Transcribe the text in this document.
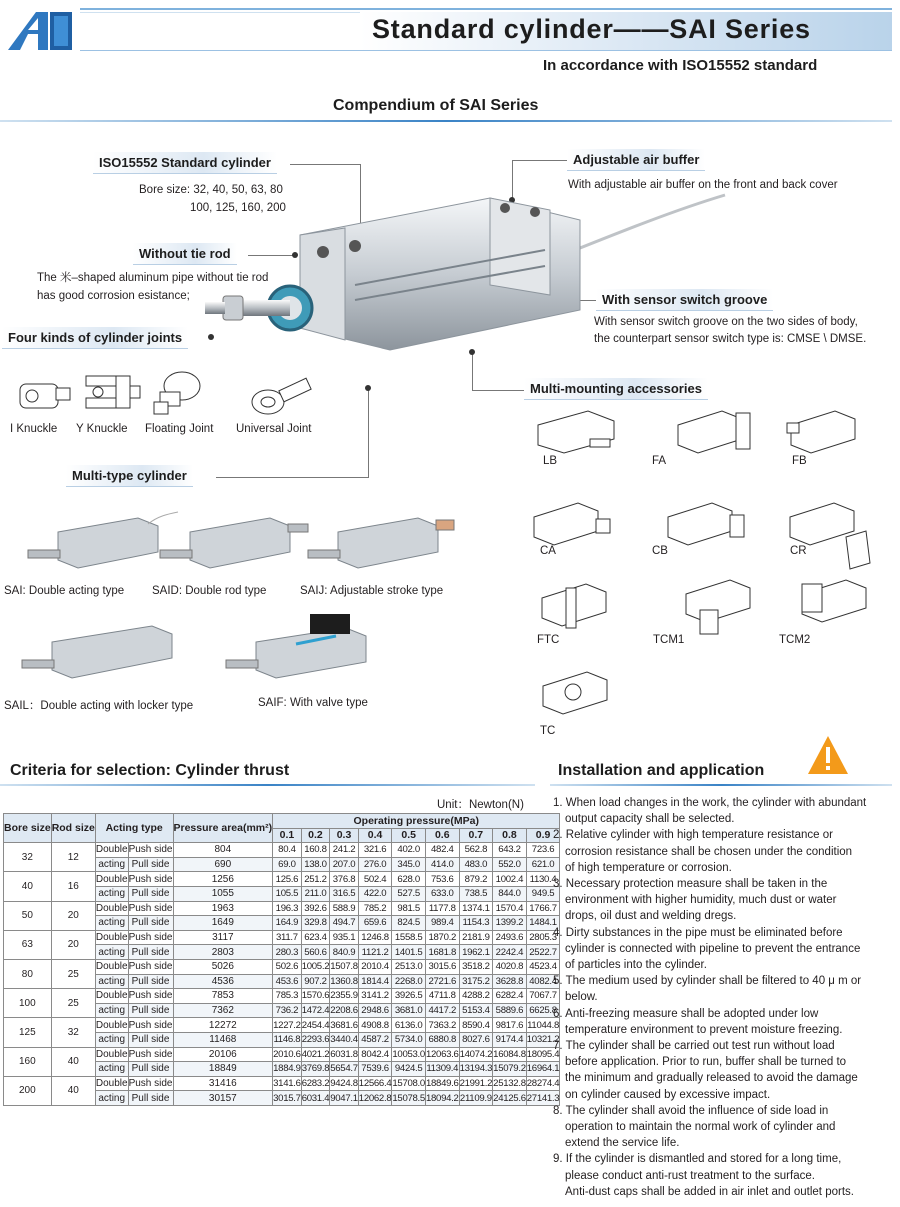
Standard cylinder——SAI Series
In accordance with ISO15552 standard
Compendium of SAI Series
ISO15552 Standard cylinder
Bore size: 32, 40, 50, 63, 80
100, 125, 160, 200
Without tie rod
The 米–shaped aluminum pipe without tie rod
has good corrosion esistance;
Four kinds of cylinder joints
Adjustable air buffer
With adjustable air buffer on the front and back cover
With sensor switch groove
With sensor switch groove on the two sides of body,
the counterpart sensor switch type is: CMSE \ DMSE.
Multi-mounting accessories
Multi-type cylinder
I Knuckle Y Knuckle Floating Joint Universal Joint
SAI: Double acting type SAID: Double rod type	SAIJ: Adjustable stroke type
SAIL：Double acting with locker type	SAIF: With valve type
LB	FA	FB
CA	CB	CR
FTC	TCM1	TCM2
TC
Criteria for selection: Cylinder thrust
Unit：Newton(N)
Bore size	Rod size	Acting type		Pressure area(mm²)	Operating pressure(MPa)								
					0.1	0.2	0.3	0.4	0.5	0.6	0.7	0.8	0.9
32	12	Double	Push side	804	80.4	160.8	241.2	321.6	402.0	482.4	562.8	643.2	723.6
		acting	Pull side	690	69.0	138.0	207.0	276.0	345.0	414.0	483.0	552.0	621.0
40	16	Double	Push side	1256	125.6	251.2	376.8	502.4	628.0	753.6	879.2	1002.4	1130.4
		acting	Pull side	1055	105.5	211.0	316.5	422.0	527.5	633.0	738.5	844.0	949.5
50	20	Double	Push side	1963	196.3	392.6	588.9	785.2	981.5	1177.8	1374.1	1570.4	1766.7
		acting	Pull side	1649	164.9	329.8	494.7	659.6	824.5	989.4	1154.3	1399.2	1484.1
63	20	Double	Push side	3117	311.7	623.4	935.1	1246.8	1558.5	1870.2	2181.9	2493.6	2805.3
		acting	Pull side	2803	280.3	560.6	840.9	1121.2	1401.5	1681.8	1962.1	2242.4	2522.7
80	25	Double	Push side	5026	502.6	1005.2	1507.8	2010.4	2513.0	3015.6	3518.2	4020.8	4523.4
		acting	Pull side	4536	453.6	907.2	1360.8	1814.4	2268.0	2721.6	3175.2	3628.8	4082.4
100	25	Double	Push side	7853	785.3	1570.6	2355.9	3141.2	3926.5	4711.8	4288.2	6282.4	7067.7
		acting	Pull side	7362	736.2	1472.4	2208.6	2948.6	3681.0	4417.2	5153.4	5889.6	6625.8
125	32	Double	Push side	12272	1227.2	2454.4	3681.6	4908.8	6136.0	7363.2	8590.4	9817.6	11044.8
		acting	Pull side	11468	1146.8	2293.6	3440.4	4587.2	5734.0	6880.8	8027.6	9174.4	10321.2
160	40	Double	Push side	20106	2010.6	4021.2	6031.8	8042.4	10053.0	12063.6	14074.2	16084.8	18095.4
		acting	Pull side	18849	1884.9	3769.8	5654.7	7539.6	9424.5	11309.4	13194.3	15079.2	16964.1
200	40	Double	Push side	31416	3141.6	6283.2	9424.8	12566.4	15708.0	18849.6	21991.2	25132.8	28274.4
		acting	Pull side	30157	3015.7	6031.4	9047.1	12062.8	15078.5	18094.2	21109.9	24125.6	27141.3
Installation and application
1. When load changes in the work, the cylinder with abundant
output capacity shall be selected.
2. Relative cylinder with high temperature resistance or
corrosion resistance shall be chosen under the condition
of high temperature or corrosion.
3. Necessary protection measure shall be taken in the
environment with higher humidity, much dust or water
drops, oil dust and welding dregs.
4. Dirty substances in the pipe must be eliminated before
cylinder is connected with pipeline to prevent the entrance
of particles into the cylinder.
5. The medium used by cylinder shall be filtered to 40 μ m or
below.
6. Anti-freezing measure shall be adopted under low
temperature environment to prevent moisture freezing.
7. The cylinder shall be carried out test run without load
before application. Prior to run, buffer shall be turned to
the minimum and gradually released to avoid the damage
on cylinder caused by excessive impact.
8. The cylinder shall avoid the influence of side load in
operation to maintain the normal work of cylinder and
extend the service life.
9. If the cylinder is dismantled and stored for a long time,
please conduct anti-rust treatment to the surface.
Anti-dust caps shall be added in air inlet and outlet ports.
